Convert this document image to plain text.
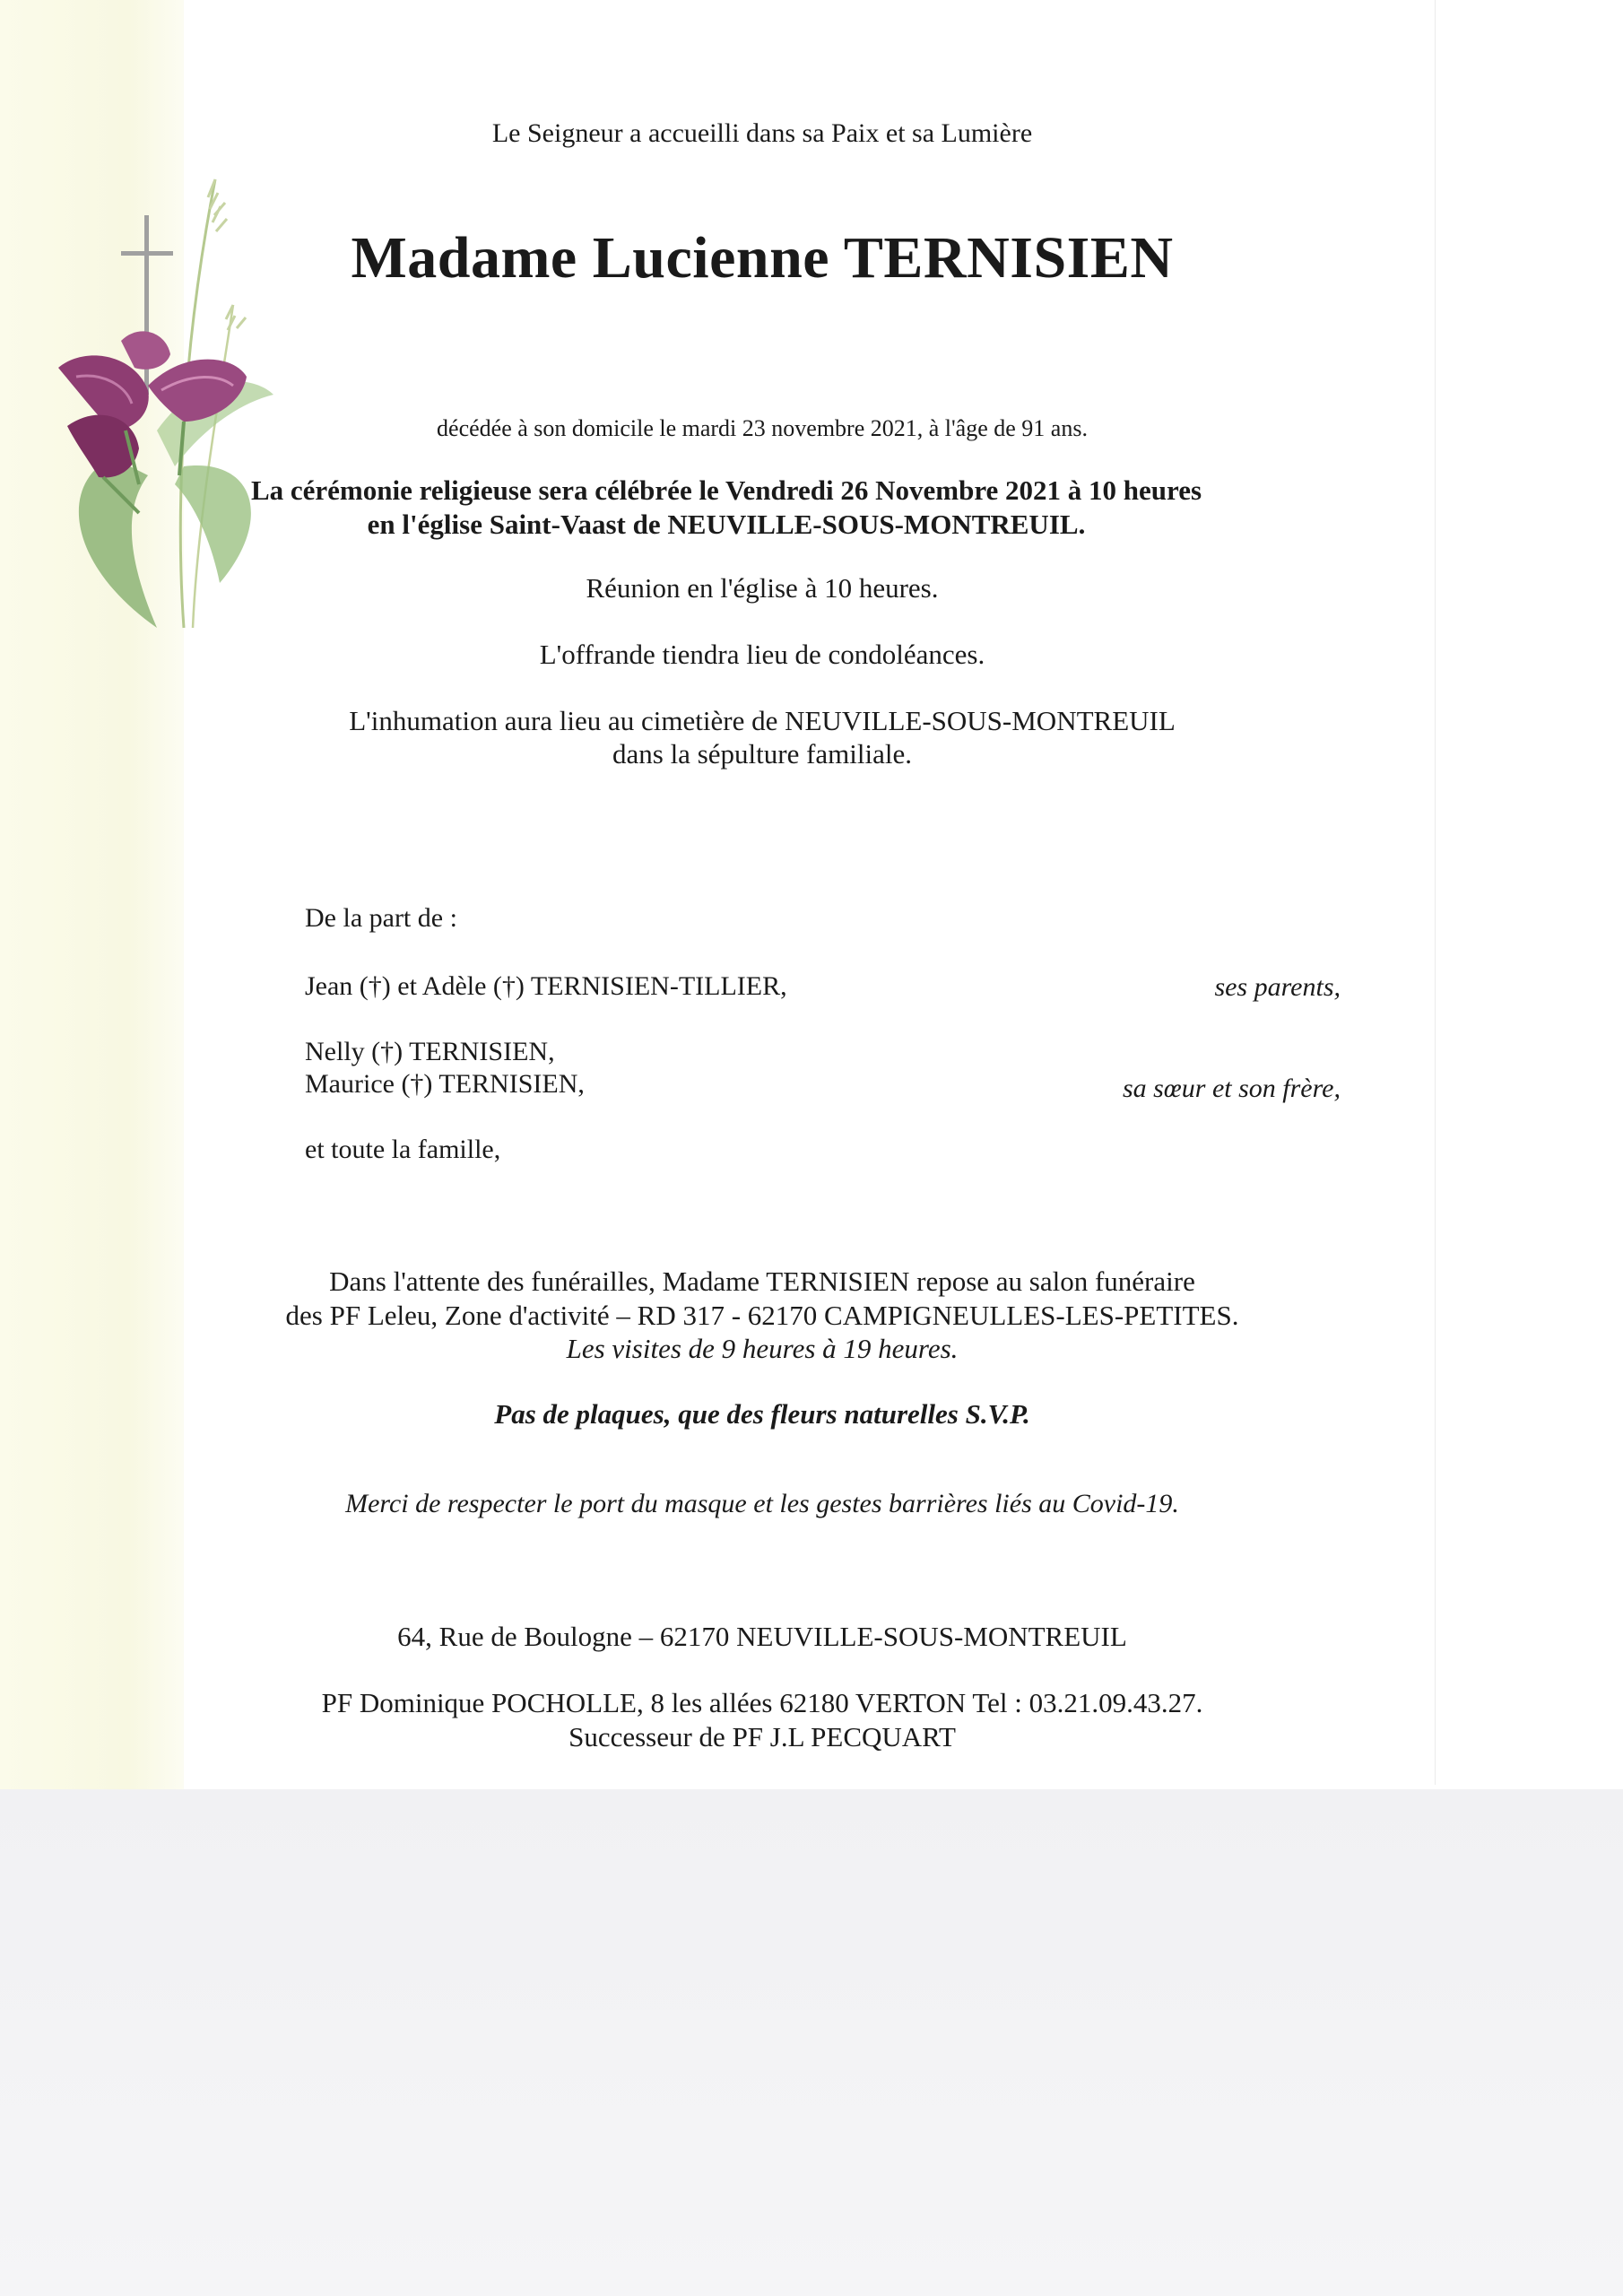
Le Seigneur a accueilli dans sa Paix et sa Lumière

Madame Lucienne TERNISIEN

décédée à son domicile le mardi 23 novembre 2021, à l'âge de 91 ans.

La cérémonie religieuse sera célébrée le Vendredi 26 Novembre 2021 à 10 heures
en l'église Saint-Vaast de NEUVILLE-SOUS-MONTREUIL.

Réunion en l'église à 10 heures.

L'offrande tiendra lieu de condoléances.

L'inhumation aura lieu au cimetière de NEUVILLE-SOUS-MONTREUIL
dans la sépulture familiale.

De la part de :

Jean (†) et Adèle (†) TERNISIEN-TILLIER,	ses parents,

Nelly (†) TERNISIEN,
Maurice (†) TERNISIEN,	sa sœur et son frère,

et toute la famille,

Dans l'attente des funérailles, Madame TERNISIEN repose au salon funéraire
des PF Leleu, Zone d'activité – RD 317 - 62170 CAMPIGNEULLES-LES-PETITES.

Les visites de 9 heures à 19 heures.

Pas de plaques, que des fleurs naturelles S.V.P.

Merci de respecter le port du masque et les gestes barrières liés au Covid-19.

64, Rue de Boulogne – 62170 NEUVILLE-SOUS-MONTREUIL

PF Dominique POCHOLLE, 8 les allées 62180 VERTON Tel : 03.21.09.43.27.
Successeur de PF J.L PECQUART
